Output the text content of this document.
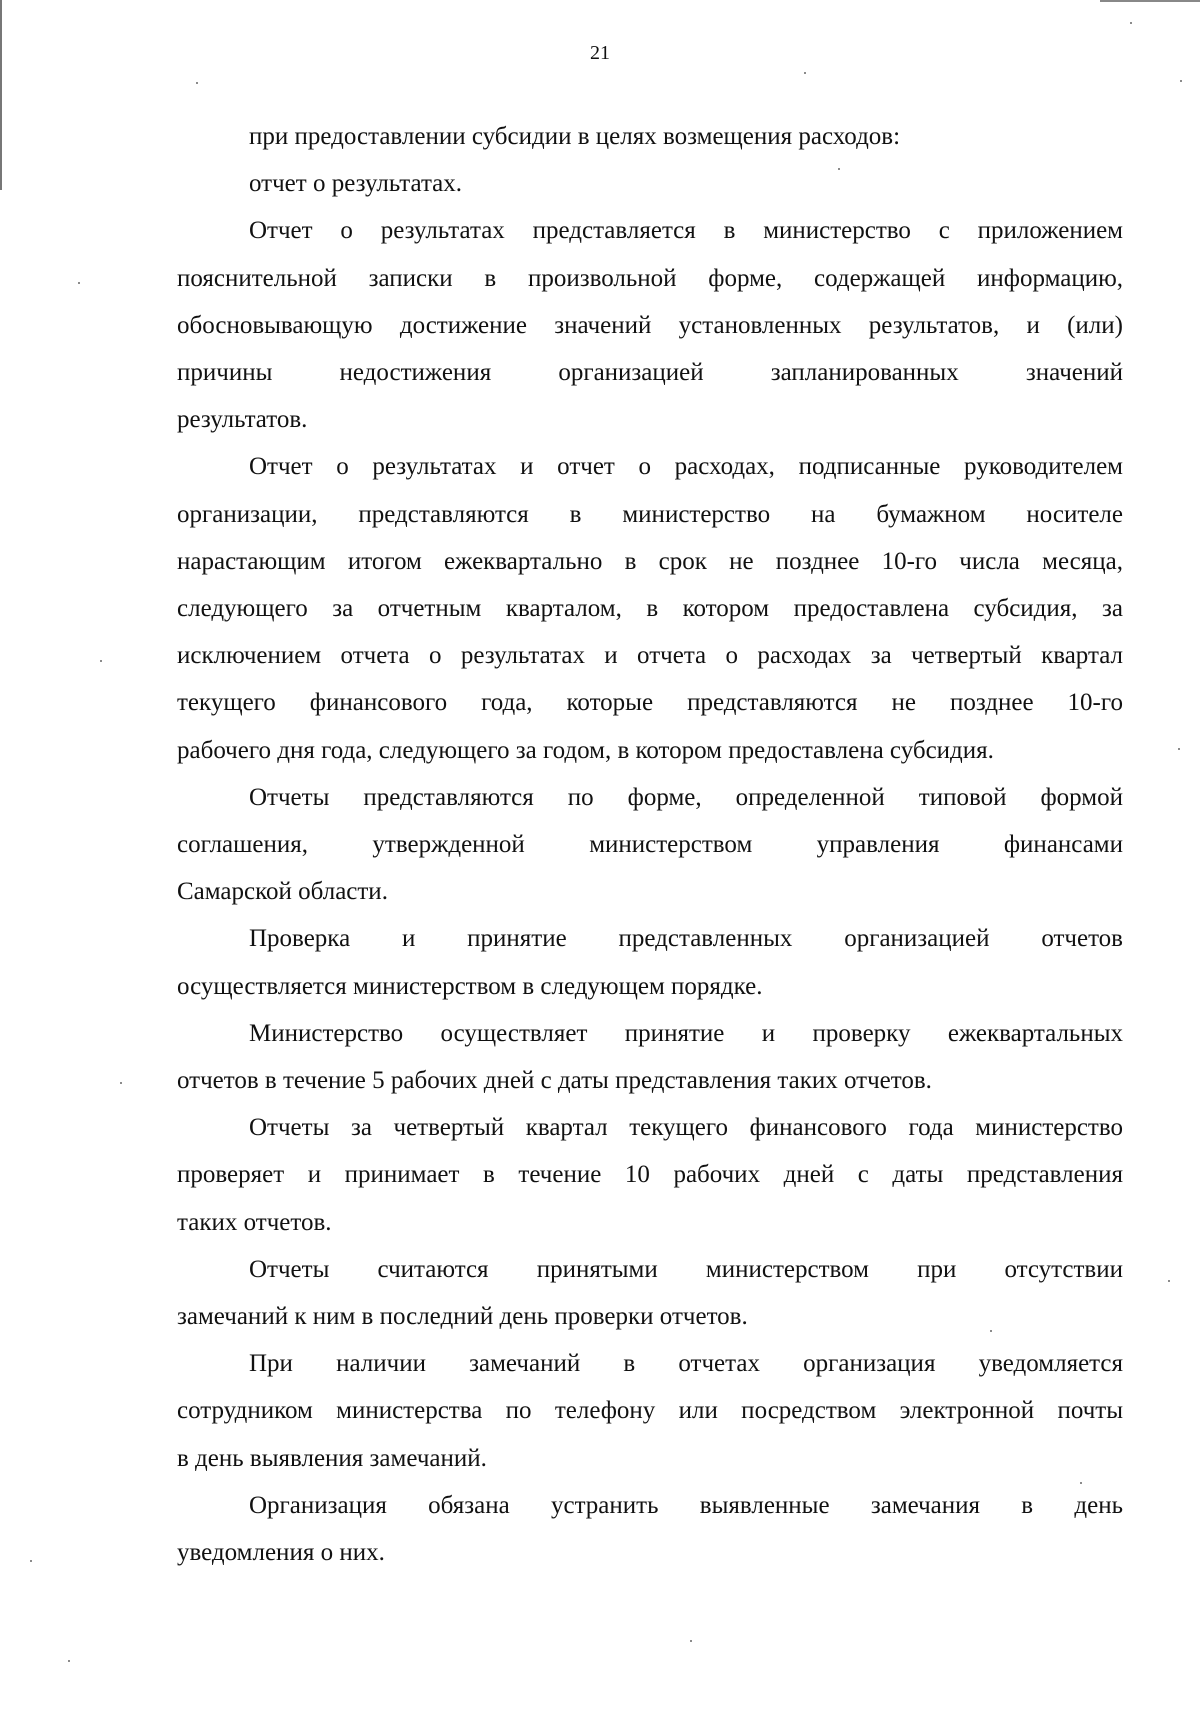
21

при предоставлении субсидии в целях возмещения расходов:

отчет о результатах.

Отчет о результатах представляется в министерство с приложением
пояснительной записки в произвольной форме, содержащей информацию,
обосновывающую достижение значений установленных результатов, и (или)
причины недостижения организацией запланированных значений
результатов.

Отчет о результатах и отчет о расходах, подписанные руководителем
организации, представляются в министерство на бумажном носителе
нарастающим итогом ежеквартально в срок не позднее 10-го числа месяца,
следующего за отчетным кварталом, в котором предоставлена субсидия, за
исключением отчета о результатах и отчета о расходах за четвертый квартал
текущего финансового года, которые представляются не позднее 10-го
рабочего дня года, следующего за годом, в котором предоставлена субсидия.

Отчеты представляются по форме, определенной типовой формой
соглашения, утвержденной министерством управления финансами
Самарской области.

Проверка и принятие представленных организацией отчетов
осуществляется министерством в следующем порядке.

Министерство осуществляет принятие и проверку ежеквартальных
отчетов в течение 5 рабочих дней с даты представления таких отчетов.

Отчеты за четвертый квартал текущего финансового года министерство
проверяет и принимает в течение 10 рабочих дней с даты представления
таких отчетов.

Отчеты считаются принятыми министерством при отсутствии
замечаний к ним в последний день проверки отчетов.

При наличии замечаний в отчетах организация уведомляется
сотрудником министерства по телефону или посредством электронной почты
в день выявления замечаний.

Организация обязана устранить выявленные замечания в день
уведомления о них.
